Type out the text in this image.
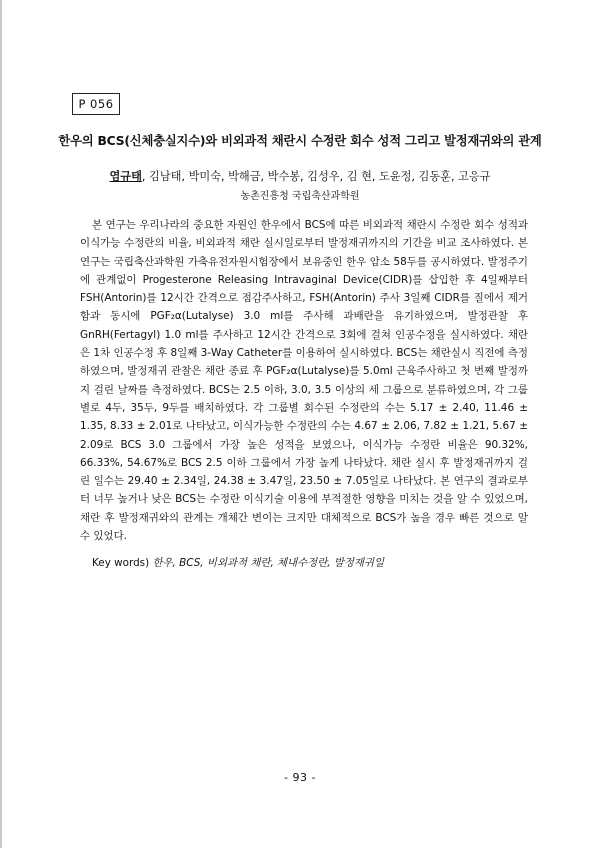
P 056
한우의 BCS(신체충실지수)와 비외과적 채란시 수정란 회수 성적 그리고 발정재귀와의 관계
염규태, 김남태, 박미숙, 박해금, 박수봉, 김성우, 김 현, 도윤정, 김동훈, 고응규
농촌진흥청 국립축산과학원

본 연구는 우리나라의 중요한 자원인 한우에서 BCS에 따른 비외과적 채란시 수정란 회수 성적과 이식가능 수정란의 비율, 비외과적 채란 실시일로부터 발정재귀까지의 기간을 비교 조사하였다. 본 연구는 국립축산과학원 가축유전자원시험장에서 보유중인 한우 암소 58두를 공시하였다. 발정주기에 관계없이 Progesterone Releasing Intravaginal Device(CIDR)를 삽입한 후 4일째부터 FSH(Antorin)를 12시간 간격으로 점감주사하고, FSH(Antorin) 주사 3일째 CIDR를 질에서 제거함과 동시에 PGF₂α(Lutalyse) 3.0 ml를 주사해 과배란을 유기하였으며, 발정관찰 후 GnRH(Fertagyl) 1.0 ml를 주사하고 12시간 간격으로 3회에 걸쳐 인공수정을 실시하였다. 채란은 1차 인공수정 후 8일째 3-Way Catheter를 이용하여 실시하였다. BCS는 채란실시 직전에 측정하였으며, 발정재귀 관찰은 채란 종료 후 PGF₂α(Lutalyse)를 5.0ml 근육주사하고 첫 번째 발정까지 걸린 날짜를 측정하였다. BCS는 2.5 이하, 3.0, 3.5 이상의 세 그룹으로 분류하였으며, 각 그룹별로 4두, 35두, 9두를 배치하였다. 각 그룹별 회수된 수정란의 수는 5.17 ± 2.40, 11.46 ± 1.35, 8.33 ± 2.01로 나타났고, 이식가능한 수정란의 수는 4.67 ± 2.06, 7.82 ± 1.21, 5.67 ± 2.09로 BCS 3.0 그룹에서 가장 높은 성적을 보였으나, 이식가능 수정란 비율은 90.32%, 66.33%, 54.67%로 BCS 2.5 이하 그룹에서 가장 높게 나타났다. 채란 실시 후 발정재귀까지 걸린 일수는 29.40 ± 2.34일, 24.38 ± 3.47일, 23.50 ± 7.05일로 나타났다. 본 연구의 결과로부터 너무 높거나 낮은 BCS는 수정란 이식기술 이용에 부적절한 영향을 미치는 것을 알 수 있었으며, 채란 후 발정재귀와의 관계는 개체간 변이는 크지만 대체적으로 BCS가 높을 경우 빠른 것으로 알 수 있었다.

Key words) 한우, BCS, 비외과적 채란, 체내수정란, 발정재귀일
- 93 -
